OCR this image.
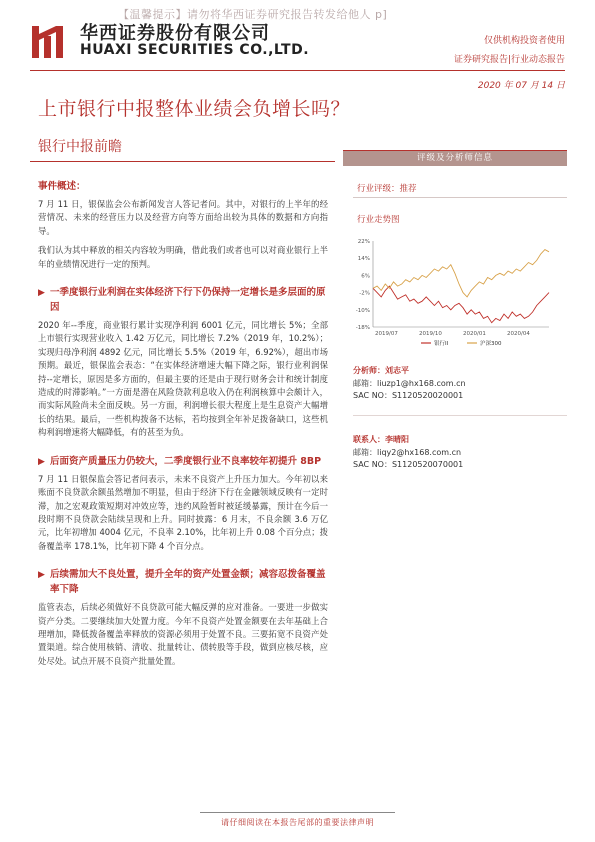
【温馨提示】请勿将华西证券研究报告转发给他人 p]
华西证券股份有限公司
HUAXI SECURITIES CO.,LTD.
仅供机构投资者使用
证券研究报告|行业动态报告
2020 年 07 月 14 日
上市银行中报整体业绩会负增长吗？
银行中报前瞻
事件概述：
7 月 11 日，银保监会公布新闻发言人答记者问。其中，对银行的上半年的经营情况、未来的经营压力以及经营方向等方面给出较为具体的数据和方向指导。
我们认为其中释放的相关内容较为明确，借此我们或者也可以对商业银行上半年的业绩情况进行一定的预判。
▶ 一季度银行业利润在实体经济下行下仍保持一定增长是多层面的原因
2020 年--季度，商业银行累计实现净利润 6001 亿元，同比增长 5%；全部上市银行实现营业收入 1.42 万亿元，同比增长 7.2%（2019 年，10.2%）；实现归母净利润 4892 亿元，同比增长 5.5%（2019 年，6.92%），超出市场预期。最近，银保监会表态：“在实体经济增速大幅下降之际，银行业利润保持--定增长，原因是多方面的，但最主要的还是由于现行财务会计和统计制度造成的时滞影响。”一方面是潜在风险贷款利息收入仍在利润核算中会颇计入，而实际风险尚未全面反映。另一方面，利润增长很大程度上是生息资产大幅增长的结果。最后，一些机构拨备不达标，若均按到全年补足拨备缺口，这些机构利润增速将大幅降低，有的甚至为负。
▶ 后面资产质量压力仍较大，二季度银行业不良率较年初提升 8BP
7 月 11 日银保监会答记者问表示，未来不良资产上升压力加大。今年初以来账面不良贷款余额虽然增加不明显，但由于经济下行在金融领域反映有一定时滞，加之宏观政策短期对冲效应等，违约风险暂时被延缓暴露，预计在今后一段时期不良贷款会陆续呈现和上升。同时披露：6 月末，不良余额 3.6 万亿元，比年初增加 4004 亿元，不良率 2.10%，比年初上升 0.08 个百分点；拨备覆盖率 178.1%，比年初下降 4 个百分点。
▶ 后续需加大不良处置，提升全年的资产处置金额；减容忍拨备覆盖率下降
监管表态，后续必须做好不良贷款可能大幅反弹的应对准备。一要进一步做实资产分类。二要继续加大处置力度。今年不良资产处置金额要在去年基础上合理增加，降低拨备覆盖率释放的资源必须用于处置不良。三要拓宽不良资产处置渠道。综合使用核销、清收、批量转让、债转股等手段，做到应核尽核，应处尽处。试点开展不良资产批量处置。
评级及分析师信息
行业评级：推荐
行业走势图
22%
14%
6%
-2%
-10%
-18%
2019/07	2019/10	2020/01	2020/04
银行II	沪深300
分析师：刘志平
邮箱：liuzp1@hx168.com.cn
SAC NO：S1120520020001
联系人：李晴阳
邮箱：liqy2@hx168.com.cn
SAC NO：S1120520070001
请仔细阅读在本报告尾部的重要法律声明
